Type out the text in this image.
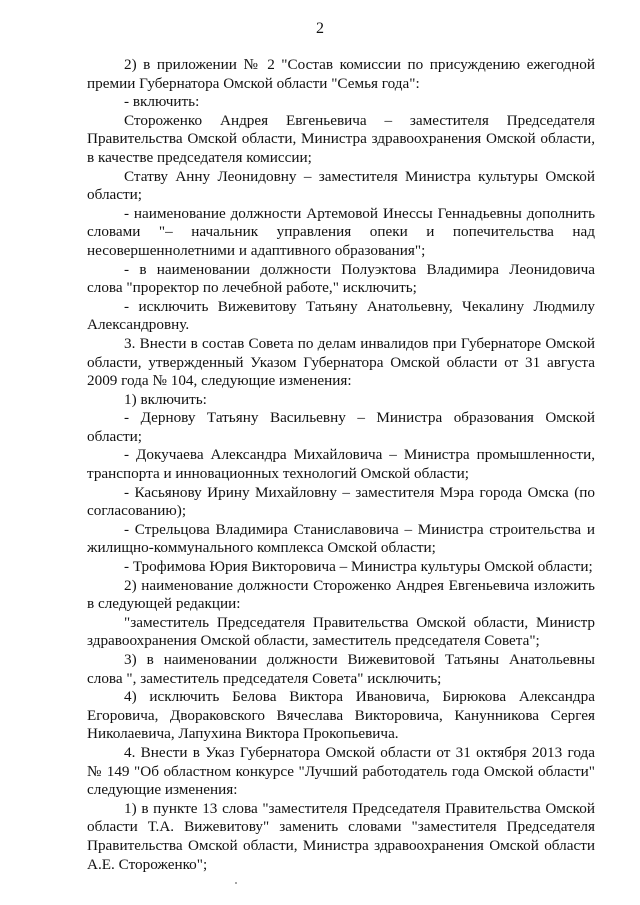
2

2) в приложении № 2 "Состав комиссии по присуждению ежегодной премии Губернатора Омской области "Семья года":

- включить:

Стороженко Андрея Евгеньевича – заместителя Председателя Правительства Омской области, Министра здравоохранения Омской области, в качестве председателя комиссии;

Статву Анну Леонидовну – заместителя Министра культуры Омской области;

- наименование должности Артемовой Инессы Геннадьевны дополнить словами "– начальник управления опеки и попечительства над несовершеннолетними и адаптивного образования";

- в наименовании должности Полуэктова Владимира Леонидовича слова "проректор по лечебной работе," исключить;

- исключить Вижевитову Татьяну Анатольевну, Чекалину Людмилу Александровну.

3. Внести в состав Совета по делам инвалидов при Губернаторе Омской области, утвержденный Указом Губернатора Омской области от 31 августа 2009 года № 104, следующие изменения:

1) включить:

- Дернову Татьяну Васильевну – Министра образования Омской области;

- Докучаева Александра Михайловича – Министра промышленности, транспорта и инновационных технологий Омской области;

- Касьянову Ирину Михайловну – заместителя Мэра города Омска (по согласованию);

- Стрельцова Владимира Станиславовича – Министра строительства и жилищно-коммунального комплекса Омской области;

- Трофимова Юрия Викторовича – Министра культуры Омской области;

2) наименование должности Стороженко Андрея Евгеньевича изложить в следующей редакции:

"заместитель Председателя Правительства Омской области, Министр здравоохранения Омской области, заместитель председателя Совета";

3) в наименовании должности Вижевитовой Татьяны Анатольевны слова ", заместитель председателя Совета" исключить;

4) исключить Белова Виктора Ивановича, Бирюкова Александра Егоровича, Дворaковского Вячеслава Викторовича, Канунникова Сергея Николаевича, Лапухина Виктора Прокопьевича.

4. Внести в Указ Губернатора Омской области от 31 октября 2013 года № 149 "Об областном конкурсе "Лучший работодатель года Омской области" следующие изменения:

1) в пункте 13 слова "заместителя Председателя Правительства Омской области Т.А. Вижевитову" заменить словами "заместителя Председателя Правительства Омской области, Министра здравоохранения Омской области А.Е. Стороженко";
